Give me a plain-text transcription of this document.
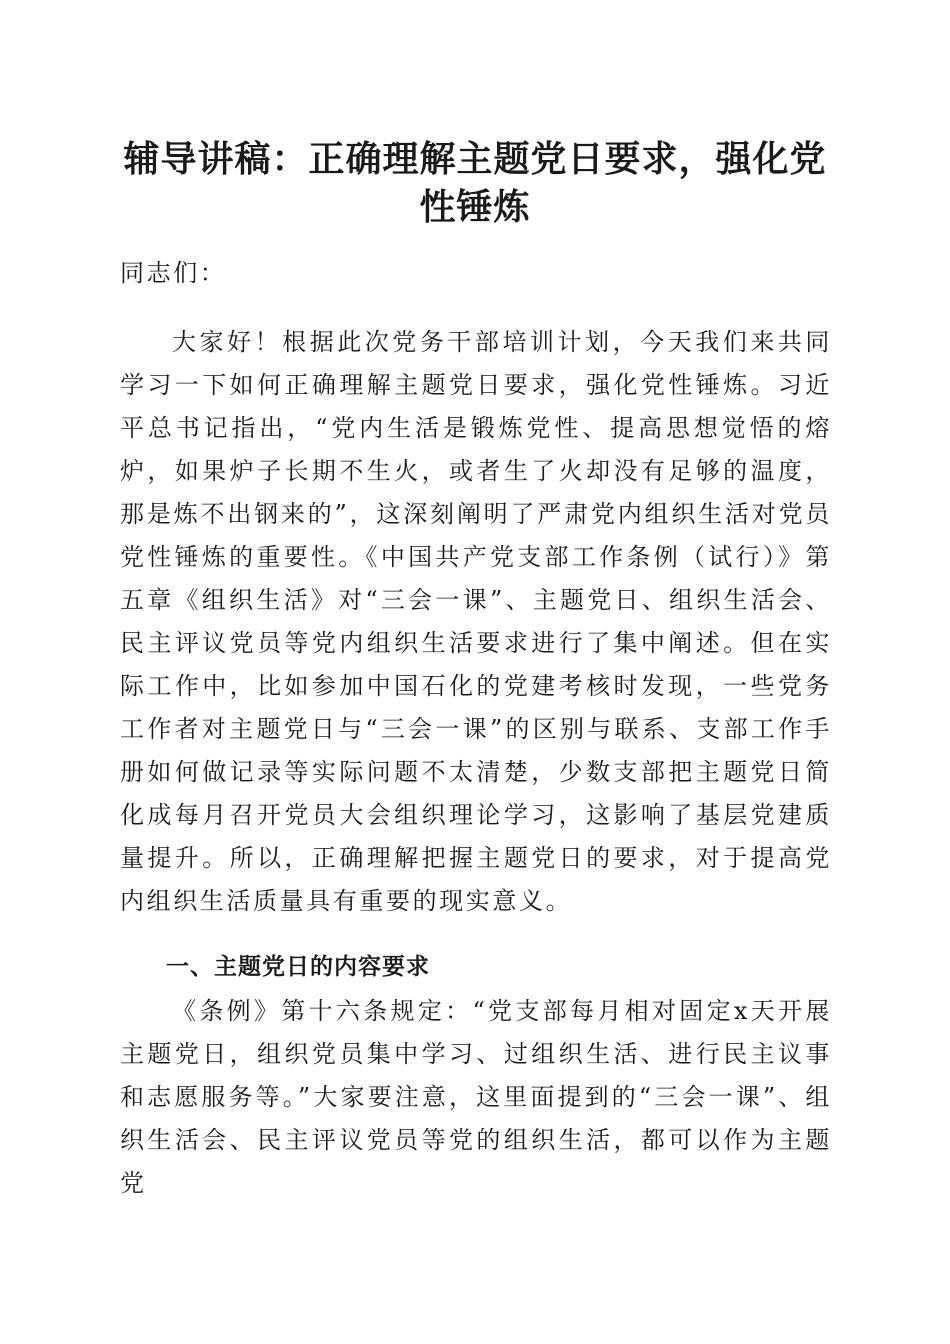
辅导讲稿：正确理解主题党日要求，强化党性锤炼

同志们：

大家好！根据此次党务干部培训计划，今天我们来共同学习一下如何正确理解主题党日要求，强化党性锤炼。习近平总书记指出，“党内生活是锻炼党性、提高思想觉悟的熔炉，如果炉子长期不生火，或者生了火却没有足够的温度，那是炼不出钢来的”，这深刻阐明了严肃党内组织生活对党员党性锤炼的重要性。《中国共产党支部工作条例（试行）》第五章《组织生活》对“三会一课”、主题党日、组织生活会、民主评议党员等党内组织生活要求进行了集中阐述。但在实际工作中，比如参加中国石化的党建考核时发现，一些党务工作者对主题党日与“三会一课”的区别与联系、支部工作手册如何做记录等实际问题不太清楚，少数支部把主题党日简化成每月召开党员大会组织理论学习，这影响了基层党建质量提升。所以，正确理解把握主题党日的要求，对于提高党内组织生活质量具有重要的现实意义。

一、主题党日的内容要求

《条例》第十六条规定：“党支部每月相对固定x天开展主题党日，组织党员集中学习、过组织生活、进行民主议事和志愿服务等。”大家要注意，这里面提到的“三会一课”、组织生活会、民主评议党员等党的组织生活，都可以作为主题党
